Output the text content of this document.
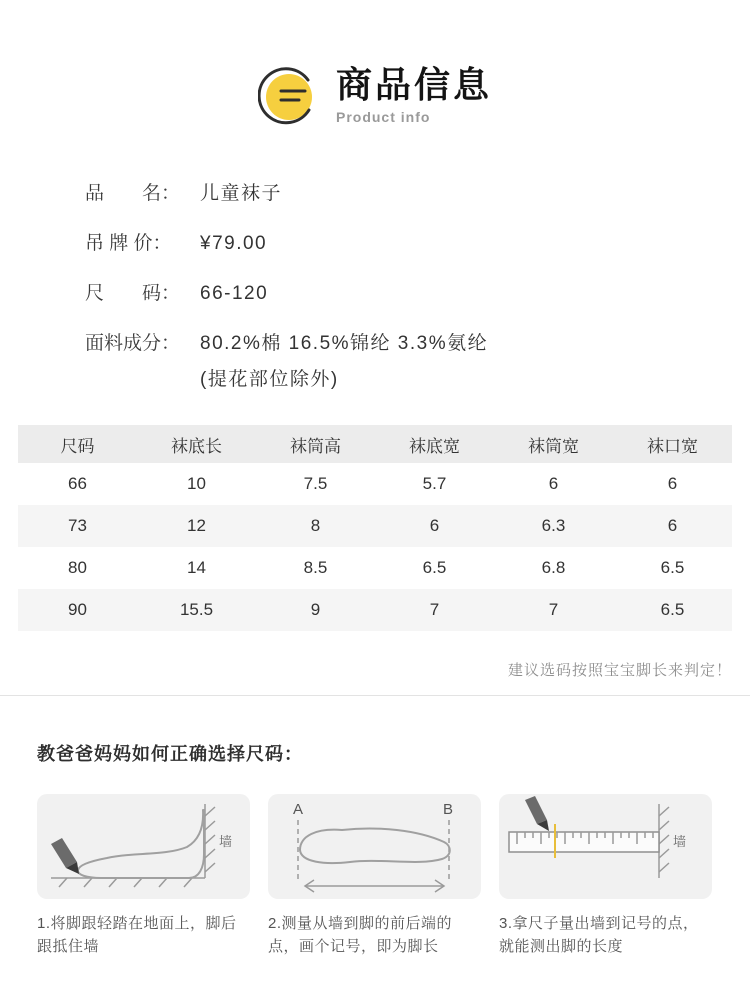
商品信息
Product info
品　　名：	儿童袜子
吊 牌 价：	¥79.00
尺　　码：	66-120
面料成分：	80.2%棉 16.5%锦纶 3.3%氨纶
(提花部位除外)
尺码	袜底长	袜筒高	袜底宽	袜筒宽	袜口宽
66	10	7.5	5.7	6	6
73	12	8	6	6.3	6
80	14	8.5	6.5	6.8	6.5
90	15.5	9	7	7	6.5
建议选码按照宝宝脚长来判定！
教爸爸妈妈如何正确选择尺码：
墙

1.将脚跟轻踏在地面上，脚后跟抵住墙

A	B

2.测量从墙到脚的前后端的点，画个记号，即为脚长

墙

3.拿尺子量出墙到记号的点，就能测出脚的长度
